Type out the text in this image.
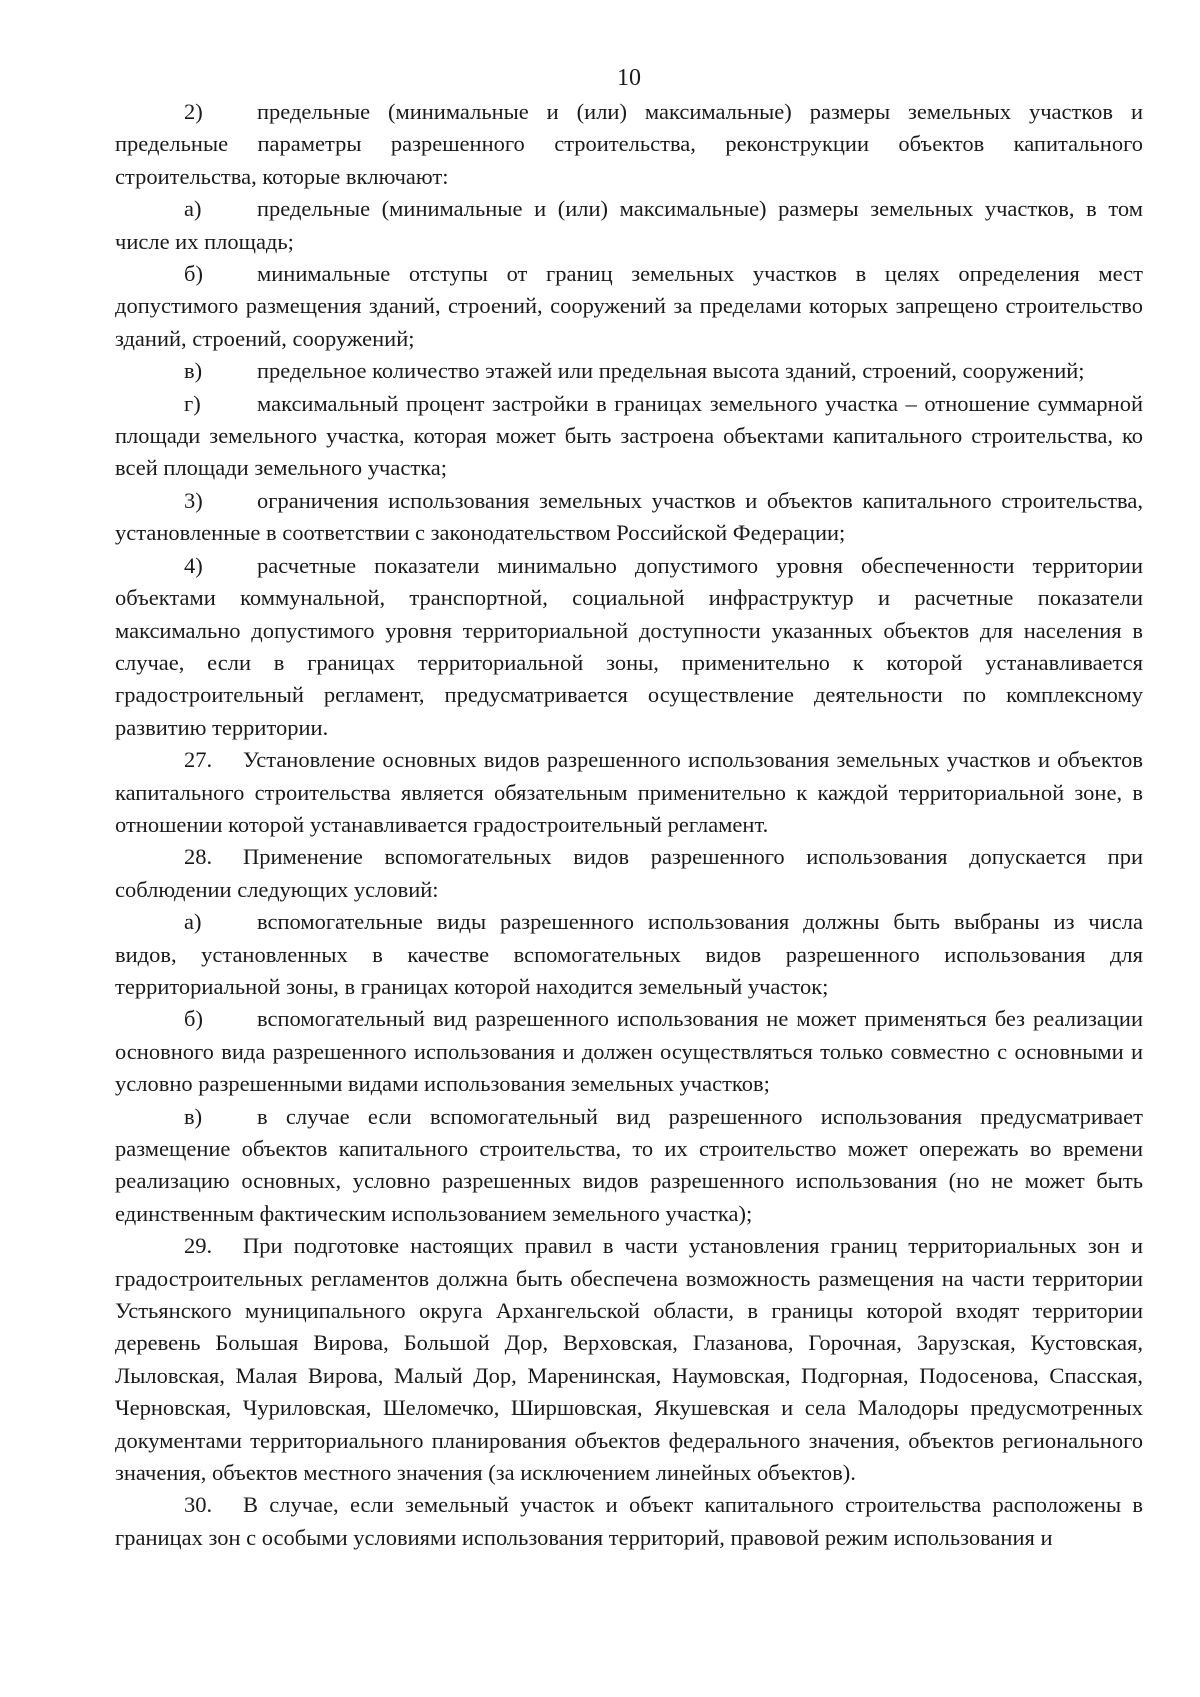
10

2) предельные (минимальные и (или) максимальные) размеры земельных участков и предельные параметры разрешенного строительства, реконструкции объектов капитального строительства, которые включают:

а) предельные (минимальные и (или) максимальные) размеры земельных участков, в том числе их площадь;

б) минимальные отступы от границ земельных участков в целях определения мест допустимого размещения зданий, строений, сооружений за пределами которых запрещено строительство зданий, строений, сооружений;

в) предельное количество этажей или предельная высота зданий, строений, сооружений;

г)	максимальный процент застройки в границах земельного участка – отношение суммарной площади земельного участка, которая может быть застроена объектами капитального строительства, ко всей площади земельного участка;

3) ограничения использования земельных участков и объектов капитального строительства, установленные в соответствии с законодательством Российской Федерации;

4) расчетные показатели минимально допустимого уровня обеспеченности территории объектами коммунальной, транспортной, социальной инфраструктур и расчетные показатели максимально допустимого уровня территориальной доступности указанных объектов для населения в случае, если в границах территориальной зоны, применительно к которой устанавливается градостроительный регламент, предусматривается осуществление деятельности по комплексному развитию территории.

27. Установление основных видов разрешенного использования земельных участков и объектов капитального строительства является обязательным применительно к каждой территориальной зоне, в отношении которой устанавливается градостроительный регламент.

28. Применение вспомогательных видов разрешенного использования допускается при соблюдении следующих условий:

а) вспомогательные виды разрешенного использования должны быть выбраны из числа видов, установленных в качестве вспомогательных видов разрешенного использования для территориальной зоны, в границах которой находится земельный участок;

б) вспомогательный вид разрешенного использования не может применяться без реализации основного вида разрешенного использования и должен осуществляться только совместно с основными и условно разрешенными видами использования земельных участков;

в) в случае если вспомогательный вид разрешенного использования предусматривает размещение объектов капитального строительства, то их строительство может опережать во времени реализацию основных, условно разрешенных видов разрешенного использования (но не может быть единственным фактическим использованием земельного участка);

29. При подготовке настоящих правил в части установления границ территориальных зон и градостроительных регламентов должна быть обеспечена возможность размещения на части территории Устьянского муниципального округа Архангельской области, в границы которой входят территории деревень Большая Вирова, Большой Дор, Верховская, Глазанова, Горочная, Зарузская, Кустовская, Лыловская, Малая Вирова, Малый Дор, Маренинская, Наумовская, Подгорная, Подосенова, Спасская, Черновская, Чуриловская, Шеломечко, Ширшовская, Якушевская и села Малодоры предусмотренных документами территориального планирования объектов федерального значения, объектов регионального значения, объектов местного значения (за исключением линейных объектов).

30. В случае, если земельный участок и объект капитального строительства расположены в границах зон с особыми условиями использования территорий, правовой режим использования и
